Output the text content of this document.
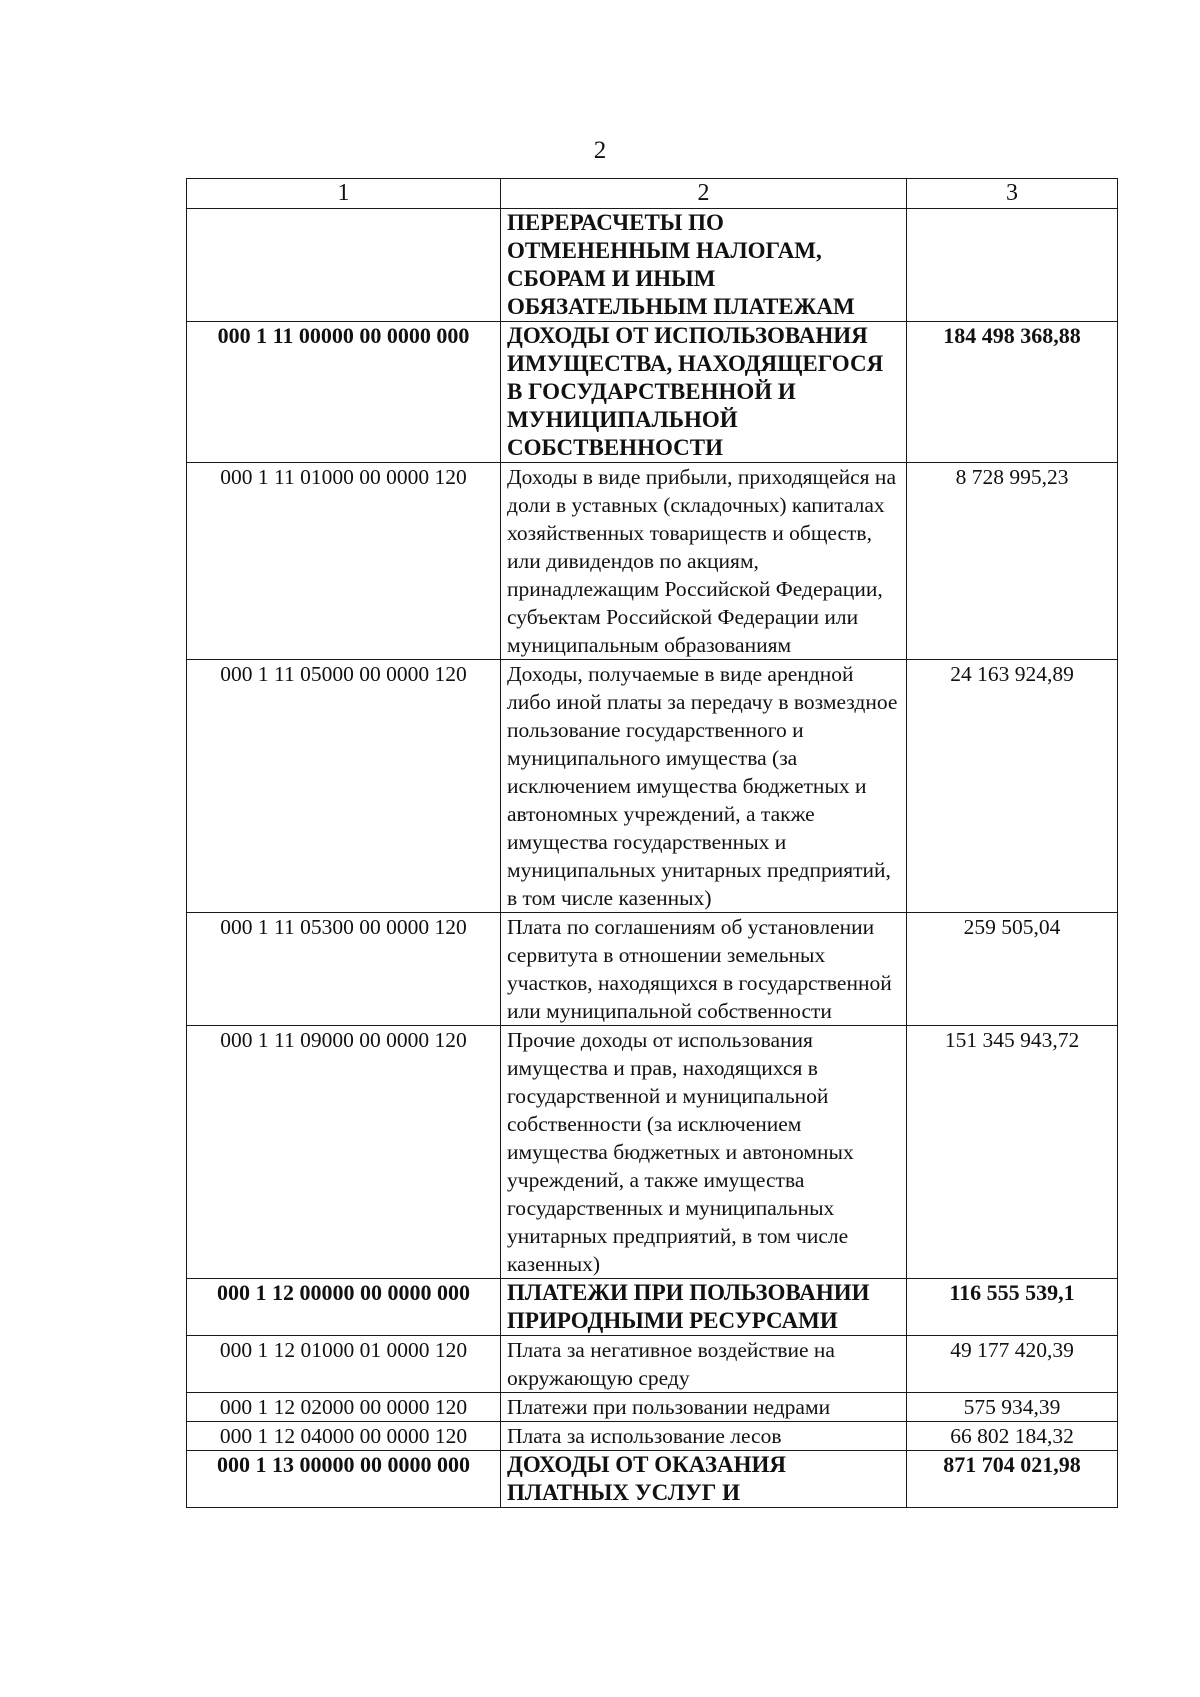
2
1	2	3
	ПЕРЕРАСЧЕТЫ ПО ОТМЕНЕННЫМ НАЛОГАМ, СБОРАМ И ИНЫМ ОБЯЗАТЕЛЬНЫМ ПЛАТЕЖАМ	
000 1 11 00000 00 0000 000	ДОХОДЫ ОТ ИСПОЛЬЗОВАНИЯ ИМУЩЕСТВА, НАХОДЯЩЕГОСЯ В ГОСУДАРСТВЕННОЙ И МУНИЦИПАЛЬНОЙ СОБСТВЕННОСТИ	184 498 368,88
000 1 11 01000 00 0000 120	Доходы в виде прибыли, приходящейся на доли в уставных (складочных) капиталах хозяйственных товариществ и обществ, или дивидендов по акциям, принадлежащим Российской Федерации, субъектам Российской Федерации или муниципальным образованиям	8 728 995,23
000 1 11 05000 00 0000 120	Доходы, получаемые в виде арендной либо иной платы за передачу в возмездное пользование государственного и муниципального имущества (за исключением имущества бюджетных и автономных учреждений, а также имущества государственных и муниципальных унитарных предприятий, в том числе казенных)	24 163 924,89
000 1 11 05300 00 0000 120	Плата по соглашениям об установлении сервитута в отношении земельных участков, находящихся в государственной или муниципальной собственности	259 505,04
000 1 11 09000 00 0000 120	Прочие доходы от использования имущества и прав, находящихся в государственной и муниципальной собственности (за исключением имущества бюджетных и автономных учреждений, а также имущества государственных и муниципальных унитарных предприятий, в том числе казенных)	151 345 943,72
000 1 12 00000 00 0000 000	ПЛАТЕЖИ ПРИ ПОЛЬЗОВАНИИ ПРИРОДНЫМИ РЕСУРСАМИ	116 555 539,1
000 1 12 01000 01 0000 120	Плата за негативное воздействие на окружающую среду	49 177 420,39
000 1 12 02000 00 0000 120	Платежи при пользовании недрами	575 934,39
000 1 12 04000 00 0000 120	Плата за использование лесов	66 802 184,32
000 1 13 00000 00 0000 000	ДОХОДЫ ОТ ОКАЗАНИЯ ПЛАТНЫХ УСЛУГ И	871 704 021,98
